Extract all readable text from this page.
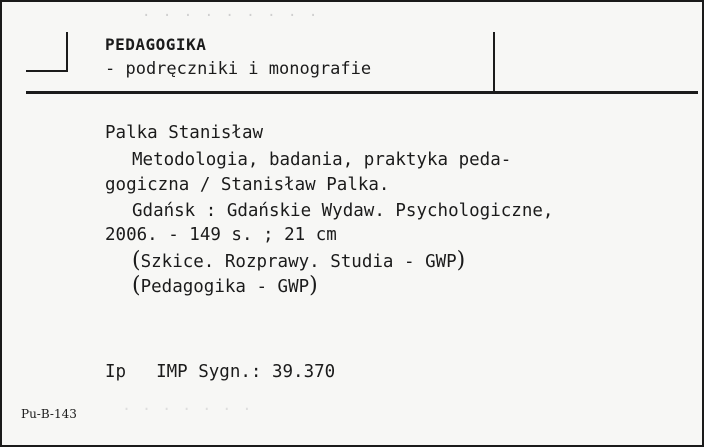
· · · · · · · · ·
· · · · · · ·
PEDAGOGIKA
- podręczniki i monografie
Palka Stanisław
Metodologia, badania, praktyka peda-
gogiczna / Stanisław Palka.
Gdańsk : Gdańskie Wydaw. Psychologiczne,
2006. - 149 s. ; 21 cm
(Szkice. Rozprawy. Studia - GWP)
(Pedagogika - GWP)
Ip IMP Sygn.: 39.370
Pu-B-143
